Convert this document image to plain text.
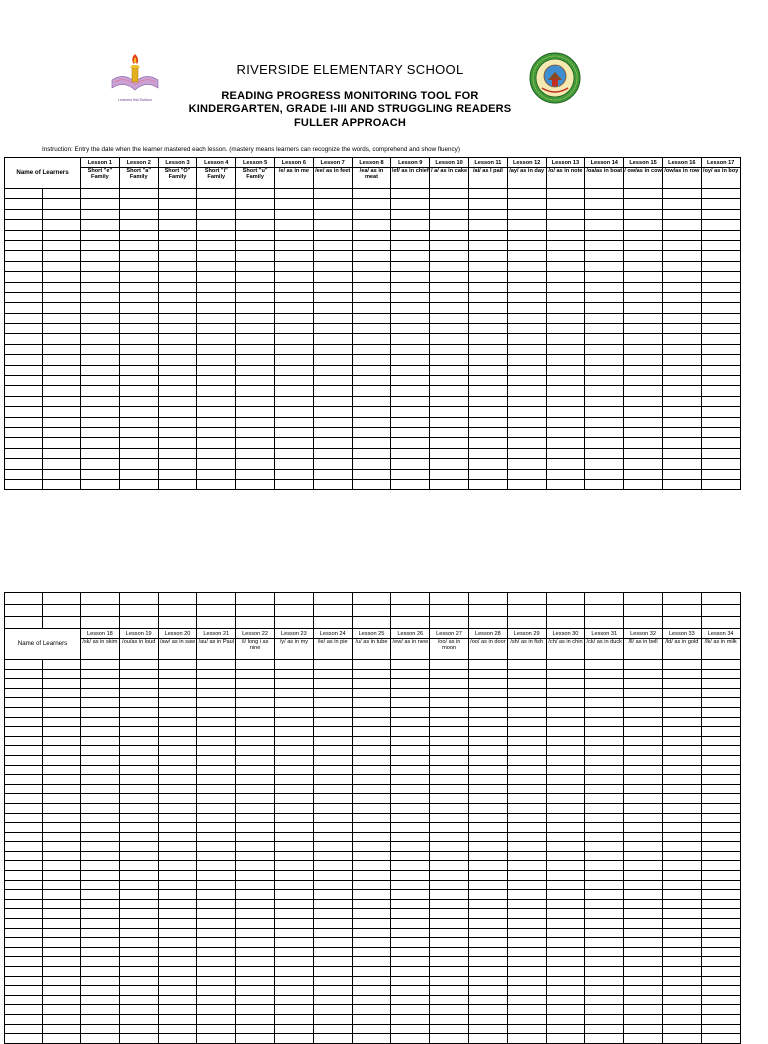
Learners first Division
RIVERSIDE ELEMENTARY SCHOOL
READING PROGRESS MONITORING TOOL FOR
KINDERGARTEN, GRADE I-III AND STRUGGLING READERS
FULLER APPROACH
Instruction: Entry the date when the learner mastered each lesson. (mastery means learners can recognize the words, comprehend and show fluency)
Name of Learners		Lesson 1	Lesson 2	Lesson 3	Lesson 4	Lesson 5	Lesson 6	Lesson 7	Lesson 8	Lesson 9	Lesson 10	Lesson 11	Lesson 12	Lesson 13	Lesson 14	Lesson 15	Lesson 16	Lesson 17
		Short "e" Family	Short "a" Family	Short "O" Family	Short "i" Family	Short "u" Family	/e/ as in me	/ee/ as in feet	/ea/ as in meat	/ef/ as in chief	/ a/ as in cake	/ai/ as I pail	/ay/ as in day	/o/ as in note	/oa/as in boat	/ ow/as in cow	/ow/as in row	/oy/ as in boy

Name of Learners		Lesson 18	Lesson 19	Lesson 20	Lesson 21	Lesson 22	Lesson 23	Lesson 24	Lesson 25	Lesson 26	Lesson 27	Lesson 28	Lesson 29	Lesson 30	Lesson 31	Lesson 32	Lesson 33	Lesson 34
		/sk/ as in skim	/ou/as in loud	/aw/ as in saw	/au/ as in Paul	/i/ long i as nine	/y/ as in my	/ie/ as in pie	/u/ as in tube	/ew/ as in new	/oo/ as in moon	/oo/ as in door	/sh/ as in fish	/ch/ as in chin	/ck/ as in duck	/ll/ as in bell	/ld/ as in gold	/lk/ as in milk
